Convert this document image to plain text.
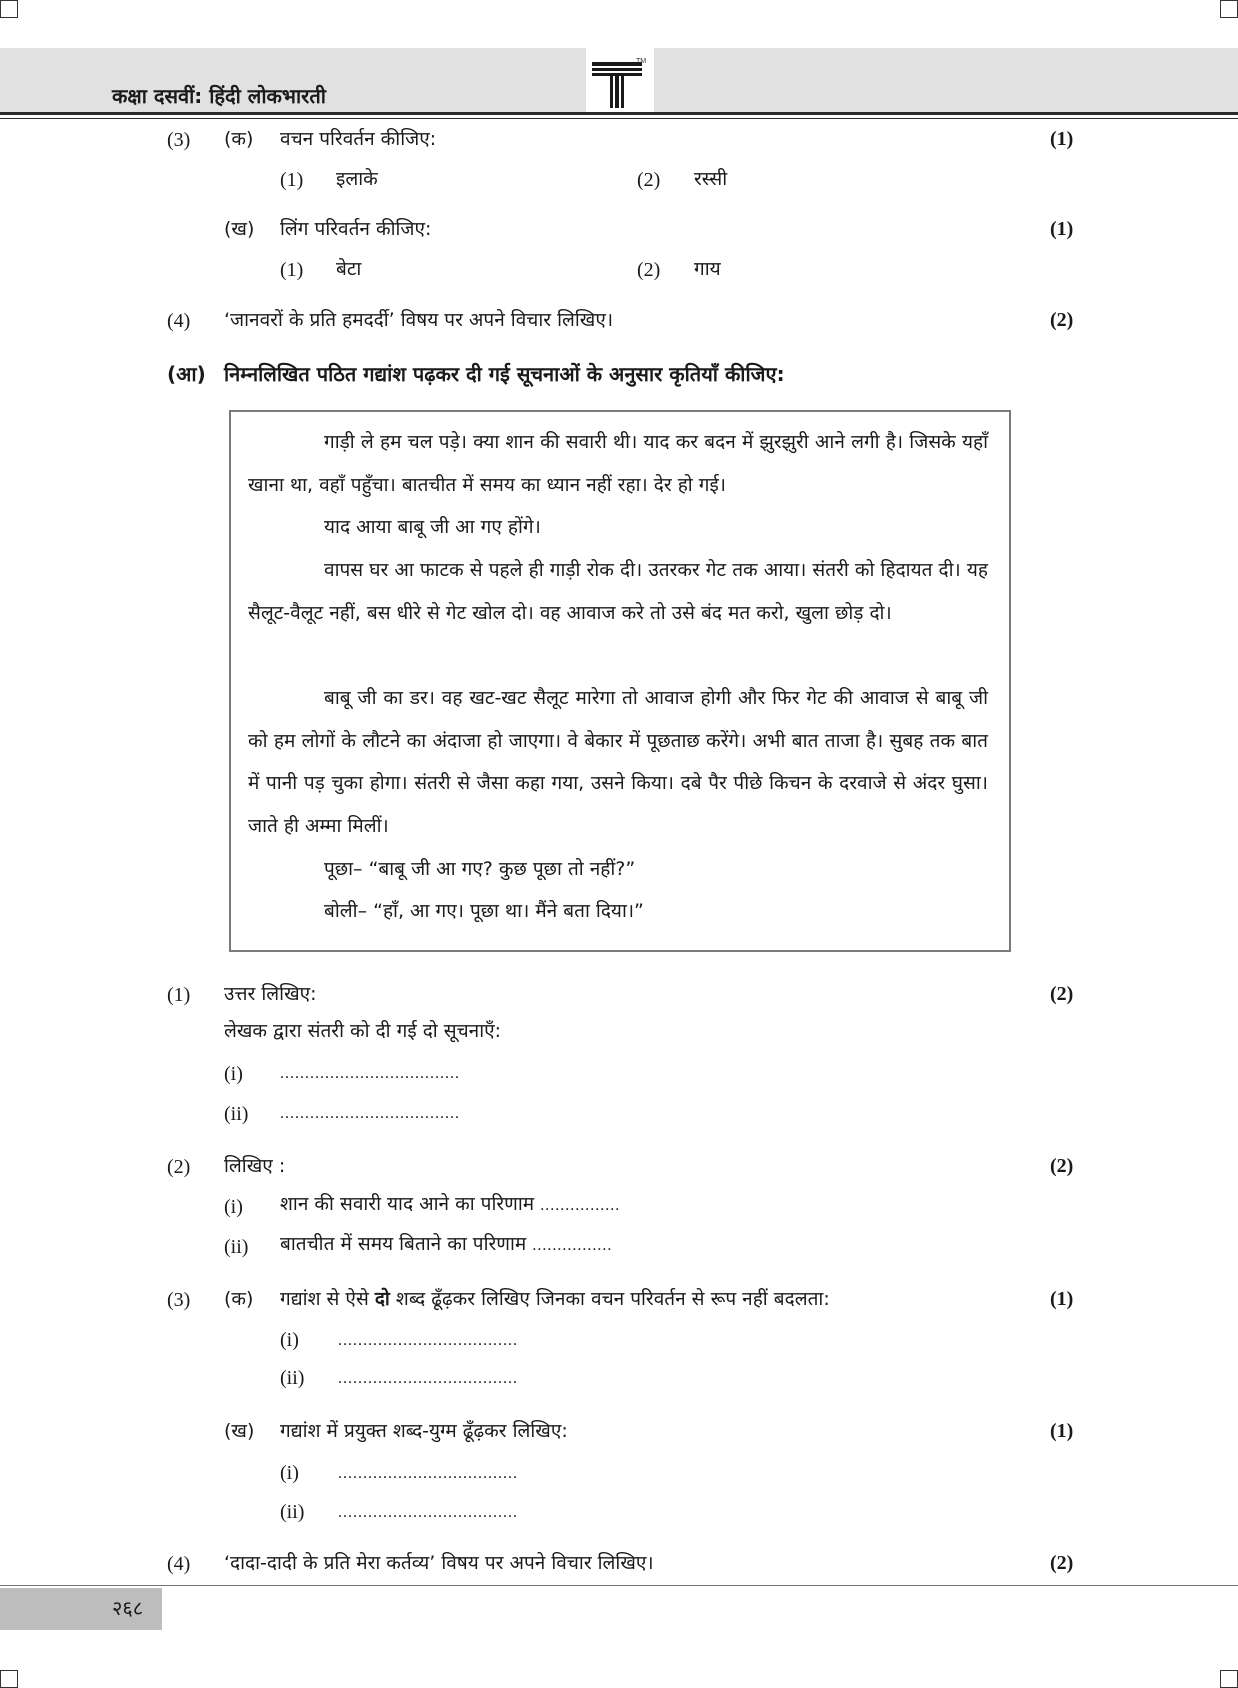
कक्षा दसवीं: हिंदी लोकभारती
TM
(3) (क) वचन परिवर्तन कीजिए:	(1)
(1) इलाके	(2) रस्सी
(ख) लिंग परिवर्तन कीजिए:	(1)
(1) बेटा	(2) गाय
(4) ‘जानवरों के प्रति हमदर्दी’ विषय पर अपने विचार लिखिए।	(2)
(आ) निम्नलिखित पठित गद्यांश पढ़कर दी गई सूचनाओं के अनुसार कृतियाँ कीजिए:
गाड़ी ले हम चल पड़े। क्या शान की सवारी थी। याद कर बदन में झुरझुरी आने लगी है। जिसके यहाँ खाना था, वहाँ पहुँचा। बातचीत में समय का ध्यान नहीं रहा। देर हो गई।
याद आया बाबू जी आ गए होंगे।
वापस घर आ फाटक से पहले ही गाड़ी रोक दी। उतरकर गेट तक आया। संतरी को हिदायत दी। यह सैलूट-वैलूट नहीं, बस धीरे से गेट खोल दो। वह आवाज करे तो उसे बंद मत करो, खुला छोड़ दो।
बाबू जी का डर। वह खट-खट सैलूट मारेगा तो आवाज होगी और फिर गेट की आवाज से बाबू जी को हम लोगों के लौटने का अंदाजा हो जाएगा। वे बेकार में पूछताछ करेंगे। अभी बात ताजा है। सुबह तक बात में पानी पड़ चुका होगा। संतरी से जैसा कहा गया, उसने किया। दबे पैर पीछे किचन के दरवाजे से अंदर घुसा। जाते ही अम्मा मिलीं।
पूछा– “बाबू जी आ गए? कुछ पूछा तो नहीं?”
बोली– “हाँ, आ गए। पूछा था। मैंने बता दिया।”
(1) उत्तर लिखिए:	(2)
लेखक द्वारा संतरी को दी गई दो सूचनाएँ:
(i) ....................................
(ii) ....................................
(2) लिखिए :	(2)
(i) शान की सवारी याद आने का परिणाम ................
(ii) बातचीत में समय बिताने का परिणाम ................
(3) (क) गद्यांश से ऐसे दो शब्द ढूँढ़कर लिखिए जिनका वचन परिवर्तन से रूप नहीं बदलता:	(1)
(i) ....................................
(ii) ....................................
(ख) गद्यांश में प्रयुक्त शब्द-युग्म ढूँढ़कर लिखिए:	(1)
(i) ....................................
(ii) ....................................
(4) ‘दादा-दादी के प्रति मेरा कर्तव्य’ विषय पर अपने विचार लिखिए।	(2)
२६८
